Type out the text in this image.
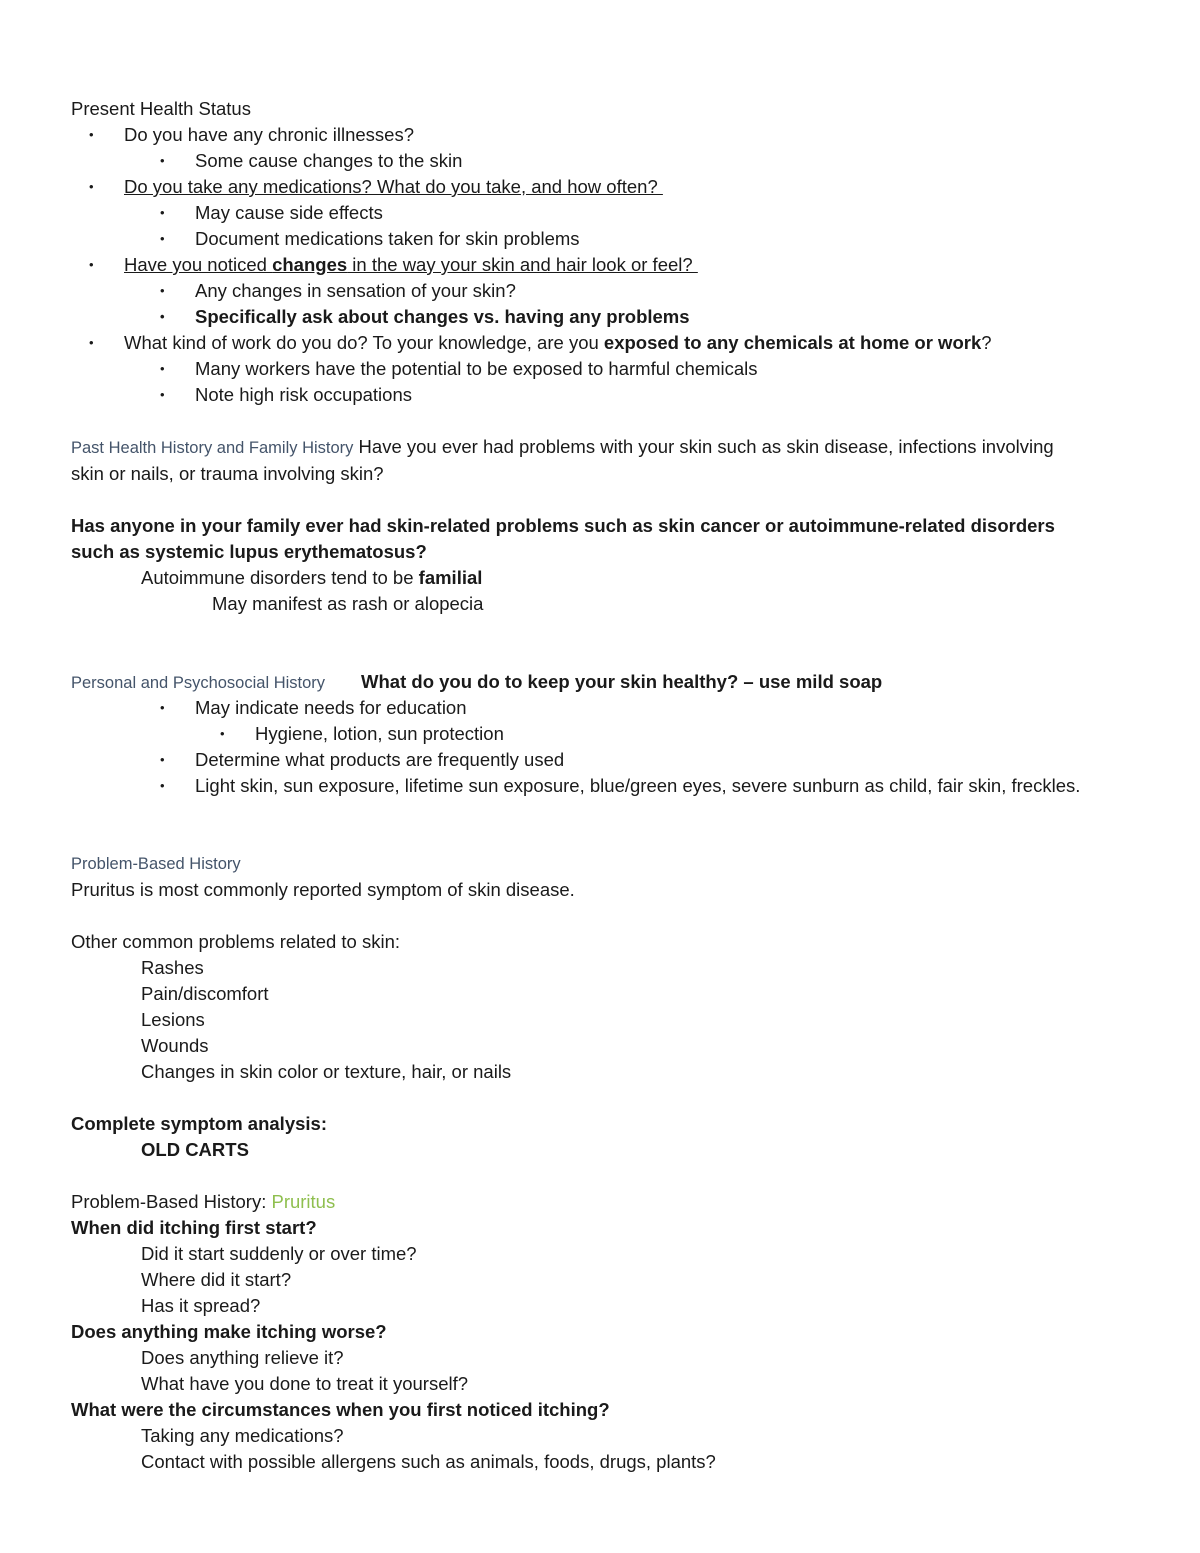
Present Health Status
• Do you have any chronic illnesses?
• Some cause changes to the skin
• Do you take any medications? What do you take, and how often?
• May cause side effects
• Document medications taken for skin problems
• Have you noticed changes in the way your skin and hair look or feel?
• Any changes in sensation of your skin?
• Specifically ask about changes vs. having any problems
• What kind of work do you do? To your knowledge, are you exposed to any chemicals at home or work?
• Many workers have the potential to be exposed to harmful chemicals
• Note high risk occupations
Past Health History and Family History Have you ever had problems with your skin such as skin disease, infections involving skin or nails, or trauma involving skin?
Has anyone in your family ever had skin-related problems such as skin cancer or autoimmune-related disorders such as systemic lupus erythematosus?
Autoimmune disorders tend to be familial
May manifest as rash or alopecia
Personal and Psychosocial History What do you do to keep your skin healthy? – use mild soap
• May indicate needs for education
• Hygiene, lotion, sun protection
• Determine what products are frequently used
• Light skin, sun exposure, lifetime sun exposure, blue/green eyes, severe sunburn as child, fair skin, freckles.
Problem-Based History
Pruritus is most commonly reported symptom of skin disease.
Other common problems related to skin:
Rashes
Pain/discomfort
Lesions
Wounds
Changes in skin color or texture, hair, or nails
Complete symptom analysis:
OLD CARTS
Problem-Based History: Pruritus
When did itching first start?
Did it start suddenly or over time?
Where did it start?
Has it spread?
Does anything make itching worse?
Does anything relieve it?
What have you done to treat it yourself?
What were the circumstances when you first noticed itching?
Taking any medications?
Contact with possible allergens such as animals, foods, drugs, plants?
